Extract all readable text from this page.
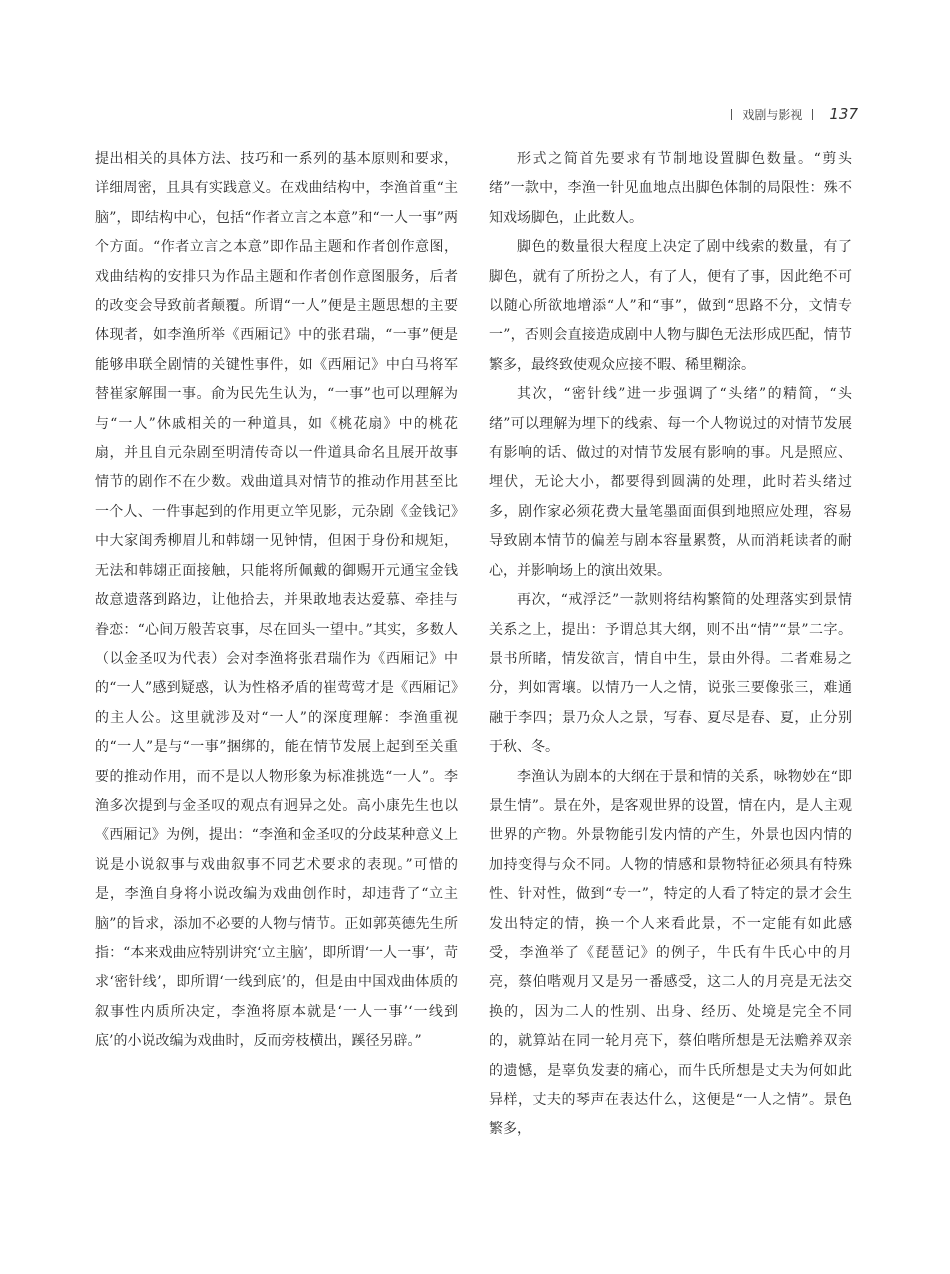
戏剧与影视 137

提出相关的具体方法、技巧和一系列的基本原则和要求，详细周密，且具有实践意义。在戏曲结构中，李渔首重“主脑”，即结构中心，包括“作者立言之本意”和“一人一事”两个方面。“作者立言之本意”即作品主题和作者创作意图，戏曲结构的安排只为作品主题和作者创作意图服务，后者的改变会导致前者颠覆。所谓“一人”便是主题思想的主要体现者，如李渔所举《西厢记》中的张君瑞，“一事”便是能够串联全剧情的关键性事件，如《西厢记》中白马将军替崔家解围一事。俞为民先生认为，“一事”也可以理解为与“一人”休戚相关的一种道具，如《桃花扇》中的桃花扇，并且自元杂剧至明清传奇以一件道具命名且展开故事情节的剧作不在少数。戏曲道具对情节的推动作用甚至比一个人、一件事起到的作用更立竿见影，元杂剧《金钱记》中大家闺秀柳眉儿和韩翃一见钟情，但困于身份和规矩，无法和韩翃正面接触，只能将所佩戴的御赐开元通宝金钱故意遗落到路边，让他拾去，并果敢地表达爱慕、牵挂与眷恋：“心间万般苦哀事，尽在回头一望中。”其实，多数人（以金圣叹为代表）会对李渔将张君瑞作为《西厢记》中的“一人”感到疑惑，认为性格矛盾的崔莺莺才是《西厢记》的主人公。这里就涉及对“一人”的深度理解：李渔重视的“一人”是与“一事”捆绑的，能在情节发展上起到至关重要的推动作用，而不是以人物形象为标准挑选“一人”。李渔多次提到与金圣叹的观点有迥异之处。高小康先生也以《西厢记》为例，提出：“李渔和金圣叹的分歧某种意义上说是小说叙事与戏曲叙事不同艺术要求的表现。”可惜的是，李渔自身将小说改编为戏曲创作时，却违背了“立主脑”的旨求，添加不必要的人物与情节。正如郭英德先生所指：“本来戏曲应特别讲究‘立主脑’，即所谓‘一人一事’，苛求‘密针线’，即所谓‘一线到底’的，但是由中国戏曲体质的叙事性内质所决定，李渔将原本就是‘一人一事’‘一线到底’的小说改编为戏曲时，反而旁枝横出，蹊径另辟。”

形式之简首先要求有节制地设置脚色数量。“剪头绪”一款中，李渔一针见血地点出脚色体制的局限性：殊不知戏场脚色，止此数人。

脚色的数量很大程度上决定了剧中线索的数量，有了脚色，就有了所扮之人，有了人，便有了事，因此绝不可以随心所欲地增添“人”和“事”，做到“思路不分，文情专一”，否则会直接造成剧中人物与脚色无法形成匹配，情节繁多，最终致使观众应接不暇、稀里糊涂。

其次，“密针线”进一步强调了“头绪”的精简，“头绪”可以理解为埋下的线索、每一个人物说过的对情节发展有影响的话、做过的对情节发展有影响的事。凡是照应、埋伏，无论大小，都要得到圆满的处理，此时若头绪过多，剧作家必须花费大量笔墨面面俱到地照应处理，容易导致剧本情节的偏差与剧本容量累赘，从而消耗读者的耐心，并影响场上的演出效果。

再次，“戒浮泛”一款则将结构繁简的处理落实到景情关系之上，提出：予谓总其大纲，则不出“情”“景”二字。景书所睹，情发欲言，情自中生，景由外得。二者难易之分，判如霄壤。以情乃一人之情，说张三要像张三，难通融于李四；景乃众人之景，写春、夏尽是春、夏，止分别于秋、冬。

李渔认为剧本的大纲在于景和情的关系，咏物妙在“即景生情”。景在外，是客观世界的设置，情在内，是人主观世界的产物。外景物能引发内情的产生，外景也因内情的加持变得与众不同。人物的情感和景物特征必须具有特殊性、针对性，做到“专一”，特定的人看了特定的景才会生发出特定的情，换一个人来看此景，不一定能有如此感受，李渔举了《琵琶记》的例子，牛氏有牛氏心中的月亮，蔡伯喈观月又是另一番感受，这二人的月亮是无法交换的，因为二人的性别、出身、经历、处境是完全不同的，就算站在同一轮月亮下，蔡伯喈所想是无法赡养双亲的遗憾，是辜负发妻的痛心，而牛氏所想是丈夫为何如此异样，丈夫的琴声在表达什么，这便是“一人之情”。景色繁多，
